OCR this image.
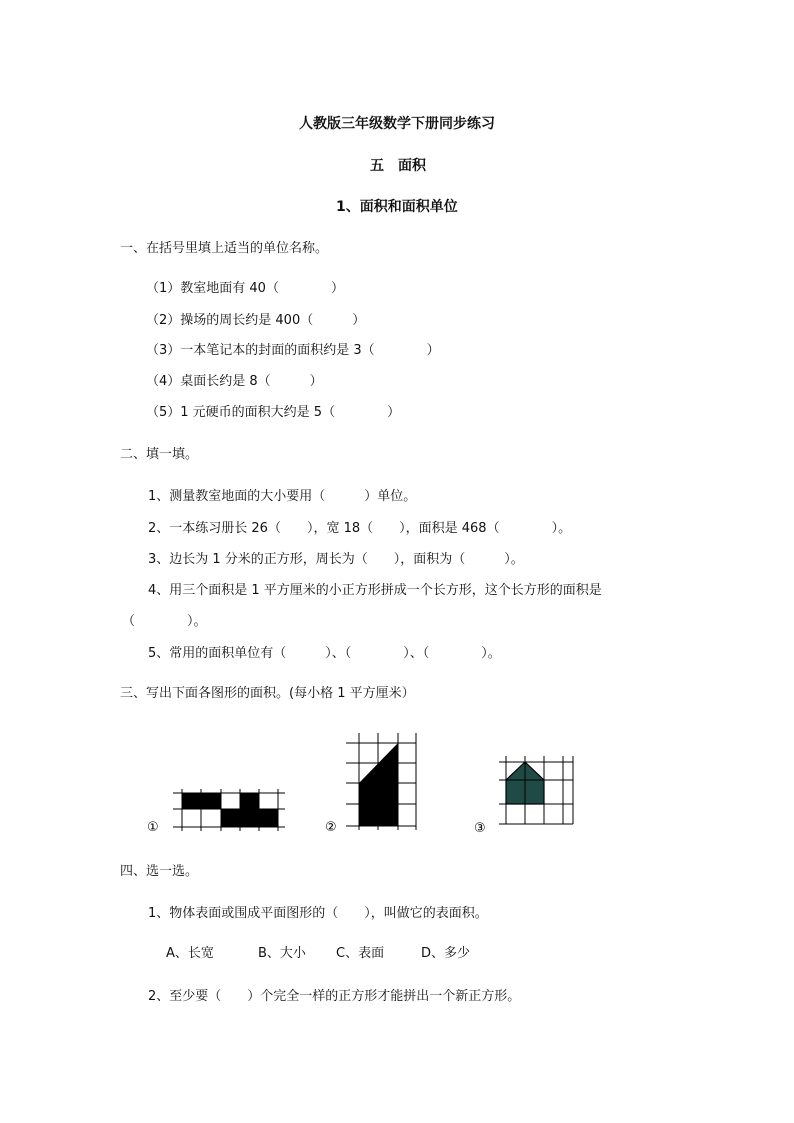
人教版三年级数学下册同步练习
五　面积
1、面积和面积单位
一、在括号里填上适当的单位名称。
（1）教室地面有 40（　　　　）
（2）操场的周长约是 400（　　　）
（3）一本笔记本的封面的面积约是 3（　　　　）
（4）桌面长约是 8（　　　）
（5）1 元硬币的面积大约是 5（　　　　）
二、填一填。
1、测量教室地面的大小要用（　　　）单位。
2、一本练习册长 26（　　），宽 18（　　），面积是 468（　　　　）。
3、边长为 1 分米的正方形，周长为（　　），面积为（　　　）。
4、用三个面积是 1 平方厘米的小正方形拼成一个长方形，这个长方形的面积是
（　　　　）。
5、常用的面积单位有（　　　）、（　　　　）、（　　　　）。
三、写出下面各图形的面积。(每小格 1 平方厘米）
①	②	③
四、选一选。
1、物体表面或围成平面图形的（　　），叫做它的表面积。
A、长宽	B、大小 C、表面	D、多少
2、至少要（　　）个完全一样的正方形才能拼出一个新正方形。
